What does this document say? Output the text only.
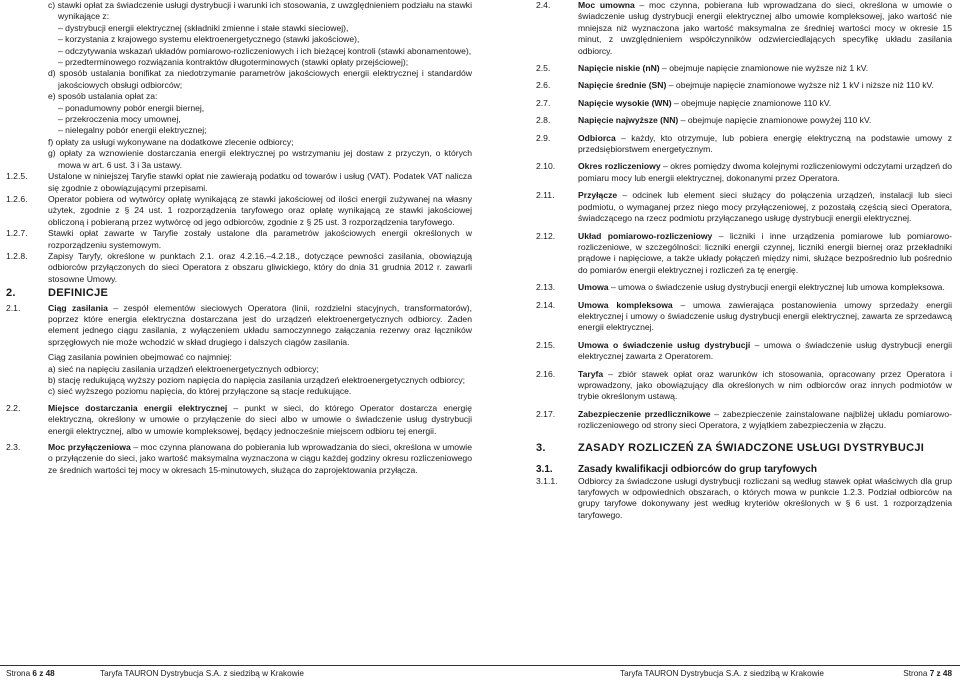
c) stawki opłat za świadczenie usługi dystrybucji i warunki ich stosowania, z uwzględnieniem podziału na stawki wynikające z:
– dystrybucji energii elektrycznej (składniki zmienne i stałe stawki sieciowej),
– korzystania z krajowego systemu elektroenergetycznego (stawki jakościowe),
– odczytywania wskazań układów pomiarowo-rozliczeniowych i ich bieżącej kontroli (stawki abonamentowe),
– przedterminowego rozwiązania kontraktów długoterminowych (stawki opłaty przejściowej);
d) sposób ustalania bonifikat za niedotrzymanie parametrów jakościowych energii elektrycznej i standardów jakościowych obsługi odbiorców;
e) sposób ustalania opłat za:
– ponadumowny pobór energii biernej,
– przekroczenia mocy umownej,
– nielegalny pobór energii elektrycznej;
f) opłaty za usługi wykonywane na dodatkowe zlecenie odbiorcy;
g) opłaty za wznowienie dostarczania energii elektrycznej po wstrzymaniu jej dostaw z przyczyn, o których mowa w art. 6 ust. 3 i 3a ustawy.
1.2.5.	Ustalone w niniejszej Taryfie stawki opłat nie zawierają podatku od towarów i usług (VAT). Podatek VAT nalicza się zgodnie z obowiązującymi przepisami.
1.2.6.	Operator pobiera od wytwórcy opłatę wynikającą ze stawki jakościowej od ilości energii zużywanej na własny użytek, zgodnie z § 24 ust. 1 rozporządzenia taryfowego oraz opłatę wynikającą ze stawki jakościowej obliczoną i pobieraną przez wytwórcę od jego odbiorców, zgodnie z § 25 ust. 3 rozporządzenia taryfowego.
1.2.7.	Stawki opłat zawarte w Taryfie zostały ustalone dla parametrów jakościowych energii określonych w rozporządzeniu systemowym.
1.2.8.	Zapisy Taryfy, określone w punktach 2.1. oraz 4.2.16.–4.2.18., dotyczące pewności zasilania, obowiązują odbiorców przyłączonych do sieci Operatora z obszaru gliwickiego, który do dnia 31 grudnia 2012 r. zawarli stosowne Umowy.
2.	DEFINICJE
2.1.	Ciąg zasilania – zespół elementów sieciowych Operatora (linii, rozdzielni stacyjnych, transformatorów), poprzez które energia elektryczna dostarczana jest do urządzeń elektroenergetycznych odbiorcy. Żaden element jednego ciągu zasilania, z wyłączeniem układu samoczynnego załączania rezerwy oraz łączników sprzęgłowych nie może wchodzić w skład drugiego i dalszych ciągów zasilania.
Ciąg zasilania powinien obejmować co najmniej:
a) sieć na napięciu zasilania urządzeń elektroenergetycznych odbiorcy;
b) stację redukującą wyższy poziom napięcia do napięcia zasilania urządzeń elektroenergetycznych odbiorcy;
c) sieć wyższego poziomu napięcia, do której przyłączone są stacje redukujące.
2.2.	Miejsce dostarczania energii elektrycznej – punkt w sieci, do którego Operator dostarcza energię elektryczną, określony w umowie o przyłączenie do sieci albo w umowie o świadczenie usług dystrybucji energii elektrycznej, albo w umowie kompleksowej, będący jednocześnie miejscem odbioru tej energii.
2.3.	Moc przyłączeniowa – moc czynna planowana do pobierania lub wprowadzania do sieci, określona w umowie o przyłączenie do sieci, jako wartość maksymalna wyznaczona w ciągu każdej godziny okresu rozliczeniowego ze średnich wartości tej mocy w okresach 15-minutowych, służąca do zaprojektowania przyłącza.
Strona 6 z 48	Taryfa TAURON Dystrybucja S.A. z siedzibą w Krakowie
2.4.	Moc umowna – moc czynna, pobierana lub wprowadzana do sieci, określona w umowie o świadczenie usług dystrybucji energii elektrycznej albo umowie kompleksowej, jako wartość nie mniejsza niż wyznaczona jako wartość maksymalna ze średniej wartości mocy w okresie 15 minut, z uwzględnieniem współczynników odzwierciedlających specyfikę układu zasilania odbiorcy.
2.5.	Napięcie niskie (nN) – obejmuje napięcie znamionowe nie wyższe niż 1 kV.
2.6.	Napięcie średnie (SN) – obejmuje napięcie znamionowe wyższe niż 1 kV i niższe niż 110 kV.
2.7.	Napięcie wysokie (WN) – obejmuje napięcie znamionowe 110 kV.
2.8.	Napięcie najwyższe (NN) – obejmuje napięcie znamionowe powyżej 110 kV.
2.9.	Odbiorca – każdy, kto otrzymuje, lub pobiera energię elektryczną na podstawie umowy z przedsiębiorstwem energetycznym.
2.10.	Okres rozliczeniowy – okres pomiędzy dwoma kolejnymi rozliczeniowymi odczytami urządzeń do pomiaru mocy lub energii elektrycznej, dokonanymi przez Operatora.
2.11.	Przyłącze – odcinek lub element sieci służący do połączenia urządzeń, instalacji lub sieci podmiotu, o wymaganej przez niego mocy przyłączeniowej, z pozostałą częścią sieci Operatora, świadczącego na rzecz podmiotu przyłączanego usługę dystrybucji energii elektrycznej.
2.12.	Układ pomiarowo-rozliczeniowy – liczniki i inne urządzenia pomiarowe lub pomiarowo-rozliczeniowe, w szczególności: liczniki energii czynnej, liczniki energii biernej oraz przekładniki prądowe i napięciowe, a także układy połączeń między nimi, służące bezpośrednio lub pośrednio do pomiarów energii elektrycznej i rozliczeń za tę energię.
2.13.	Umowa – umowa o świadczenie usług dystrybucji energii elektrycznej lub umowa kompleksowa.
2.14.	Umowa kompleksowa – umowa zawierająca postanowienia umowy sprzedaży energii elektrycznej i umowy o świadczenie usług dystrybucji energii elektrycznej, zawarta ze sprzedawcą energii elektrycznej.
2.15.	Umowa o świadczenie usług dystrybucji – umowa o świadczenie usług dystrybucji energii elektrycznej zawarta z Operatorem.
2.16.	Taryfa – zbiór stawek opłat oraz warunków ich stosowania, opracowany przez Operatora i wprowadzony, jako obowiązujący dla określonych w nim odbiorców oraz innych podmiotów w trybie określonym ustawą.
2.17.	Zabezpieczenie przedlicznikowe – zabezpieczenie zainstalowane najbliżej układu pomiarowo-rozliczeniowego od strony sieci Operatora, z wyjątkiem zabezpieczenia w złączu.
3.	ZASADY ROZLICZEŃ ZA ŚWIADCZONE USŁUGI DYSTRYBUCJI
3.1.	Zasady kwalifikacji odbiorców do grup taryfowych
3.1.1.	Odbiorcy za świadczone usługi dystrybucji rozliczani są według stawek opłat właściwych dla grup taryfowych w odpowiednich obszarach, o których mowa w punkcie 1.2.3. Podział odbiorców na grupy taryfowe dokonywany jest według kryteriów określonych w § 6 ust. 1 rozporządzenia taryfowego.
Taryfa TAURON Dystrybucja S.A. z siedzibą w Krakowie	Strona 7 z 48
